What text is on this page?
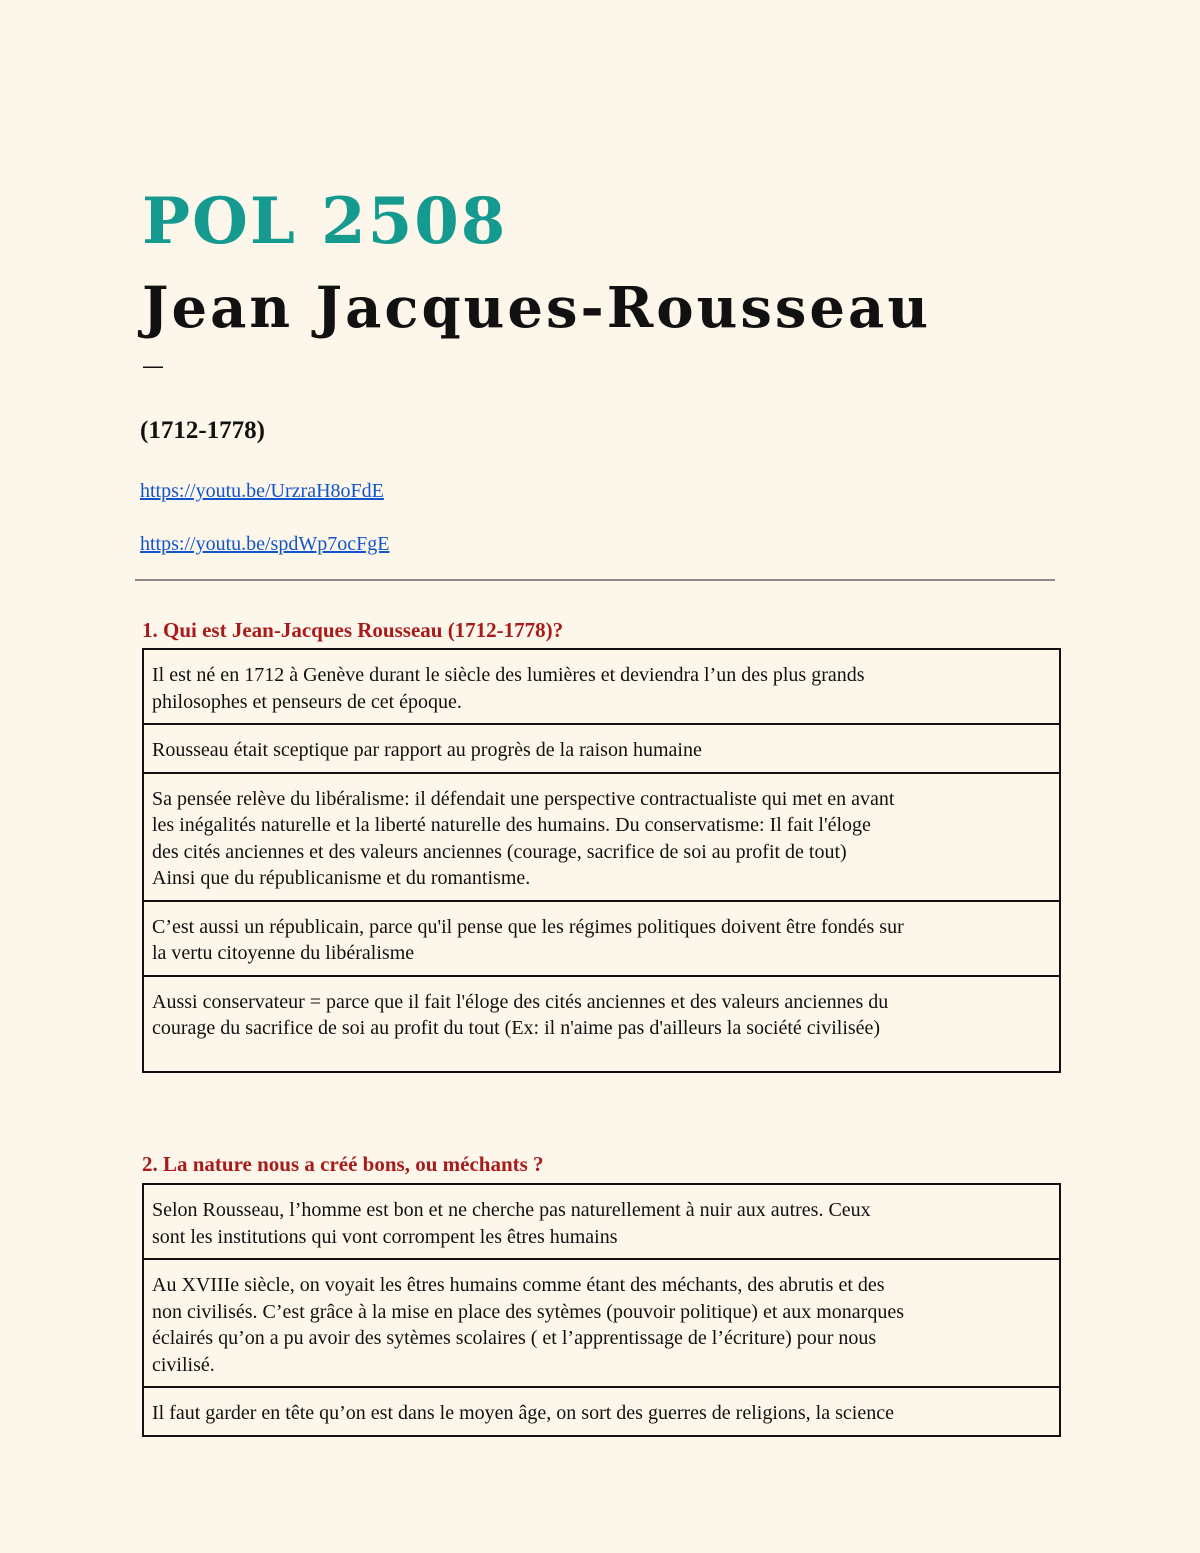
POL 2508
Jean Jacques-Rousseau
—
(1712-1778)
https://youtu.be/UrzraH8oFdE
https://youtu.be/spdWp7ocFgE
1. Qui est Jean-Jacques Rousseau (1712-1778)?
Il est né en 1712 à Genève durant le siècle des lumières et deviendra l’un des plus grands
philosophes et penseurs de cet époque.

Rousseau était sceptique par rapport au progrès de la raison humaine

Sa pensée relève du libéralisme: il défendait une perspective contractualiste qui met en avant
les inégalités naturelle et la liberté naturelle des humains. Du conservatisme: Il fait l'éloge
des cités anciennes et des valeurs anciennes (courage, sacrifice de soi au profit de tout)
Ainsi que du républicanisme et du romantisme.

C’est aussi un républicain, parce qu'il pense que les régimes politiques doivent être fondés sur
la vertu citoyenne du libéralisme

Aussi conservateur = parce que il fait l'éloge des cités anciennes et des valeurs anciennes du
courage du sacrifice de soi au profit du tout (Ex: il n'aime pas d'ailleurs la société civilisée)
2. La nature nous a créé bons, ou méchants ?
Selon Rousseau, l’homme est bon et ne cherche pas naturellement à nuir aux autres. Ceux
sont les institutions qui vont corrompent les êtres humains

Au XVIIIe siècle, on voyait les êtres humains comme étant des méchants, des abrutis et des
non civilisés. C’est grâce à la mise en place des sytèmes (pouvoir politique) et aux monarques
éclairés qu’on a pu avoir des sytèmes scolaires ( et l’apprentissage de l’écriture) pour nous
civilisé.

Il faut garder en tête qu’on est dans le moyen âge, on sort des guerres de religions, la science
